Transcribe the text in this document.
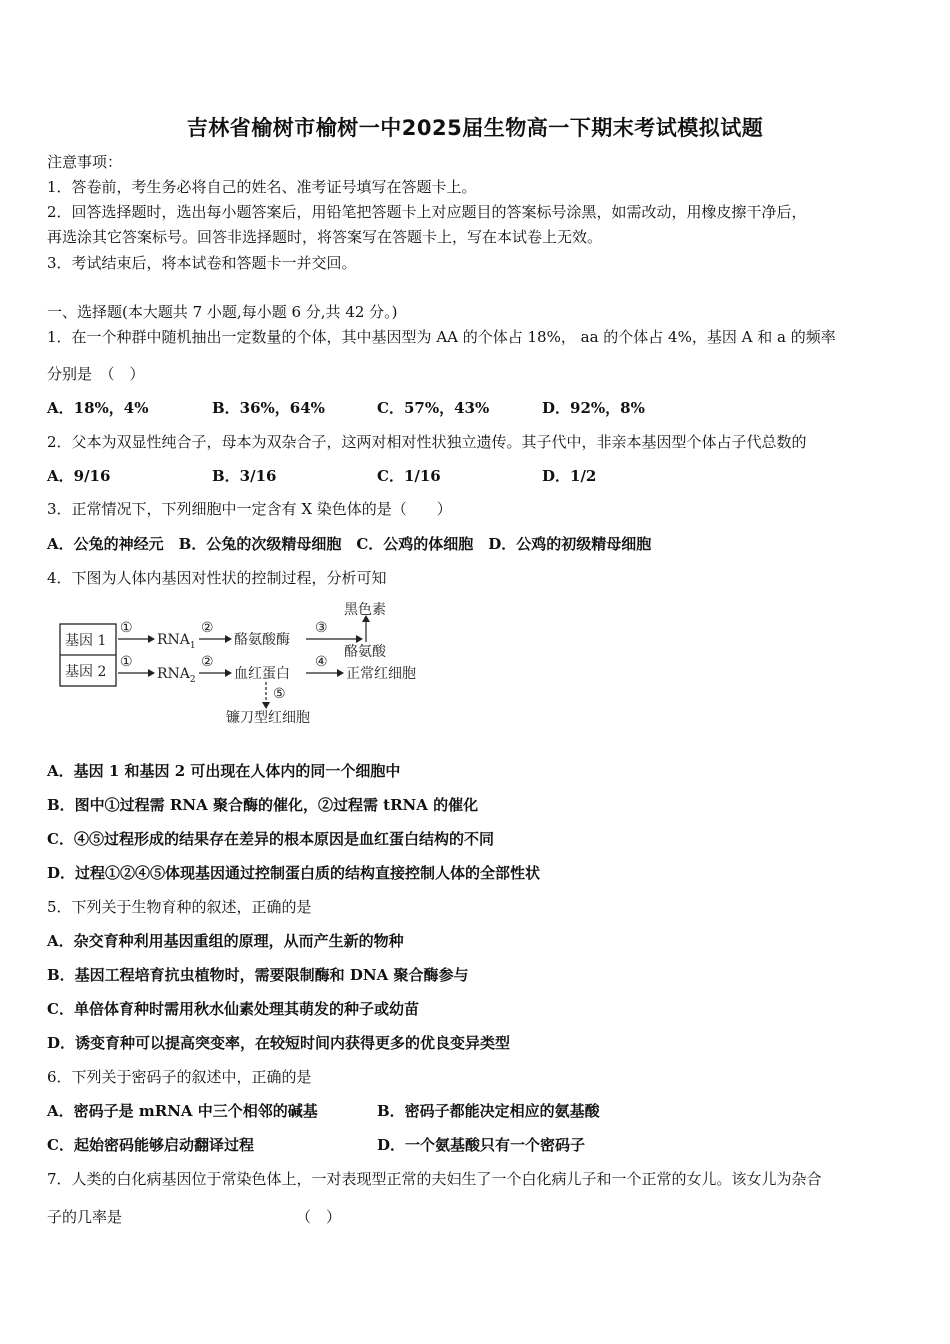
吉林省榆树市榆树一中2025届生物高一下期末考试模拟试题
注意事项：
1．答卷前，考生务必将自己的姓名、准考证号填写在答题卡上。
2．回答选择题时，选出每小题答案后，用铅笔把答题卡上对应题目的答案标号涂黑，如需改动，用橡皮擦干净后，
再选涂其它答案标号。回答非选择题时，将答案写在答题卡上，写在本试卷上无效。
3．考试结束后，将本试卷和答题卡一并交回。
一、选择题(本大题共 7 小题,每小题 6 分,共 42 分。)
1．在一个种群中随机抽出一定数量的个体，其中基因型为 AA 的个体占 18%， aa 的个体占 4%，基因 A 和 a 的频率
分别是　（　）
A．18%，4%	B．36%，64%	C．57%，43%	D．92%，8%
2．父本为双显性纯合子，母本为双杂合子，这两对相对性状独立遗传。其子代中，非亲本基因型个体占子代总数的
A．9/16	B．3/16	C．1/16	D．1/2
3．正常情况下，下列细胞中一定含有 X 染色体的是（　　）
A．公兔的神经元　B．公兔的次级精母细胞　C．公鸡的体细胞　D．公鸡的初级精母细胞
4．下图为人体内基因对性状的控制过程，分析可知
基因 1
基因 2
①
$RNA_1$
②
酪氨酸酶
③
黑色素
酪氨酸
①
$RNA_2$
②
血红蛋白
④
正常红细胞
⑤
镰刀型红细胞
A．基因 1 和基因 2 可出现在人体内的同一个细胞中
B．图中①过程需 RNA 聚合酶的催化，②过程需 tRNA 的催化
C．④⑤过程形成的结果存在差异的根本原因是血红蛋白结构的不同
D．过程①②④⑤体现基因通过控制蛋白质的结构直接控制人体的全部性状
5．下列关于生物育种的叙述，正确的是
A．杂交育种利用基因重组的原理，从而产生新的物种
B．基因工程培育抗虫植物时，需要限制酶和 DNA 聚合酶参与
C．单倍体育种时需用秋水仙素处理其萌发的种子或幼苗
D．诱变育种可以提高突变率，在较短时间内获得更多的优良变异类型
6．下列关于密码子的叙述中，正确的是
A．密码子是 mRNA 中三个相邻的碱基	B．密码子都能决定相应的氨基酸
C．起始密码能够启动翻译过程	D．一个氨基酸只有一个密码子
7．人类的白化病基因位于常染色体上，一对表现型正常的夫妇生了一个白化病儿子和一个正常的女儿。该女儿为杂合
子的几率是	（　）
